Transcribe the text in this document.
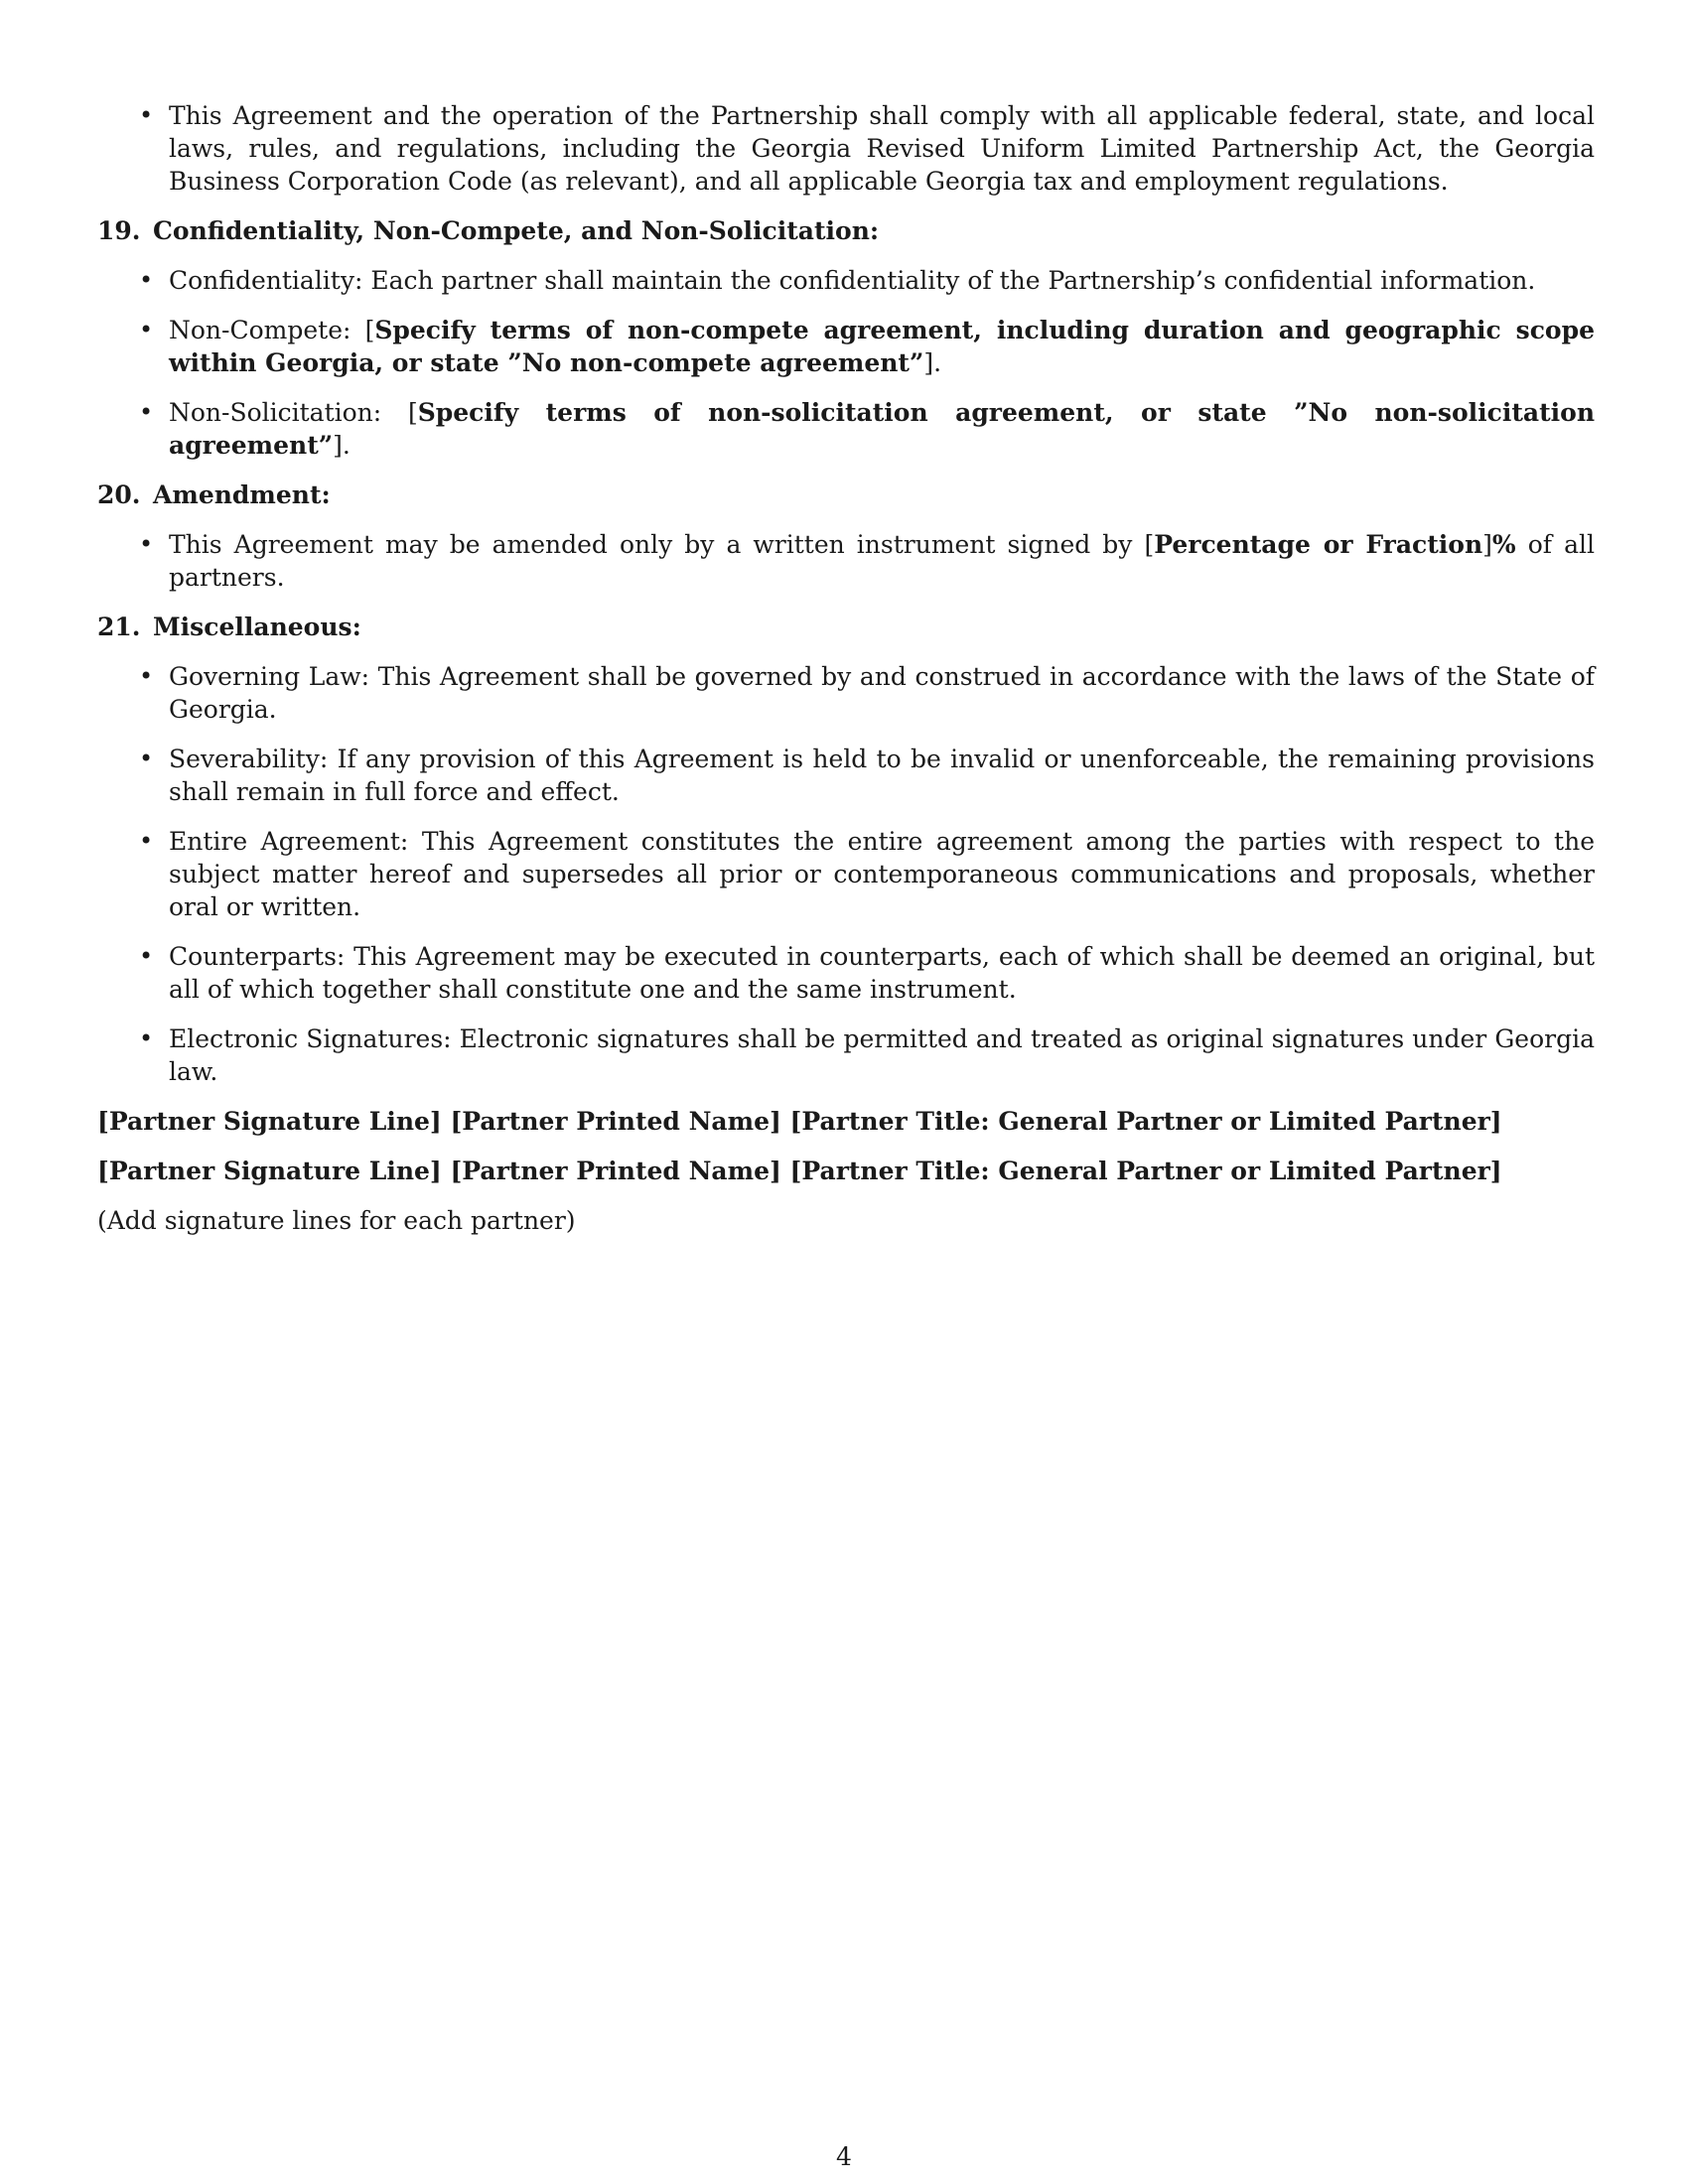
• This Agreement and the operation of the Partnership shall comply with all applicable federal, state, and local laws, rules, and regulations, including the Georgia Revised Uniform Limited Partnership Act, the Georgia Business Corporation Code (as relevant), and all applicable Georgia tax and employment regulations.
19. Confidentiality, Non-Compete, and Non-Solicitation:
• Confidentiality: Each partner shall maintain the confidentiality of the Partnership’s confidential information.
• Non-Compete: [Specify terms of non-compete agreement, including duration and geographic scope within Georgia, or state ”No non-compete agreement”].
• Non-Solicitation: [Specify terms of non-solicitation agreement, or state ”No non-solicitation agreement”].
20. Amendment:
• This Agreement may be amended only by a written instrument signed by [Percentage or Fraction]% of all partners.
21. Miscellaneous:
• Governing Law: This Agreement shall be governed by and construed in accordance with the laws of the State of Georgia.
• Severability: If any provision of this Agreement is held to be invalid or unenforceable, the remaining provisions shall remain in full force and effect.
• Entire Agreement: This Agreement constitutes the entire agreement among the parties with respect to the subject matter hereof and supersedes all prior or contemporaneous communications and proposals, whether oral or written.
• Counterparts: This Agreement may be executed in counterparts, each of which shall be deemed an original, but all of which together shall constitute one and the same instrument.
• Electronic Signatures: Electronic signatures shall be permitted and treated as original signatures under Georgia law.
[Partner Signature Line] [Partner Printed Name] [Partner Title: General Partner or Limited Partner]
[Partner Signature Line] [Partner Printed Name] [Partner Title: General Partner or Limited Partner]

(Add signature lines for each partner)

4
